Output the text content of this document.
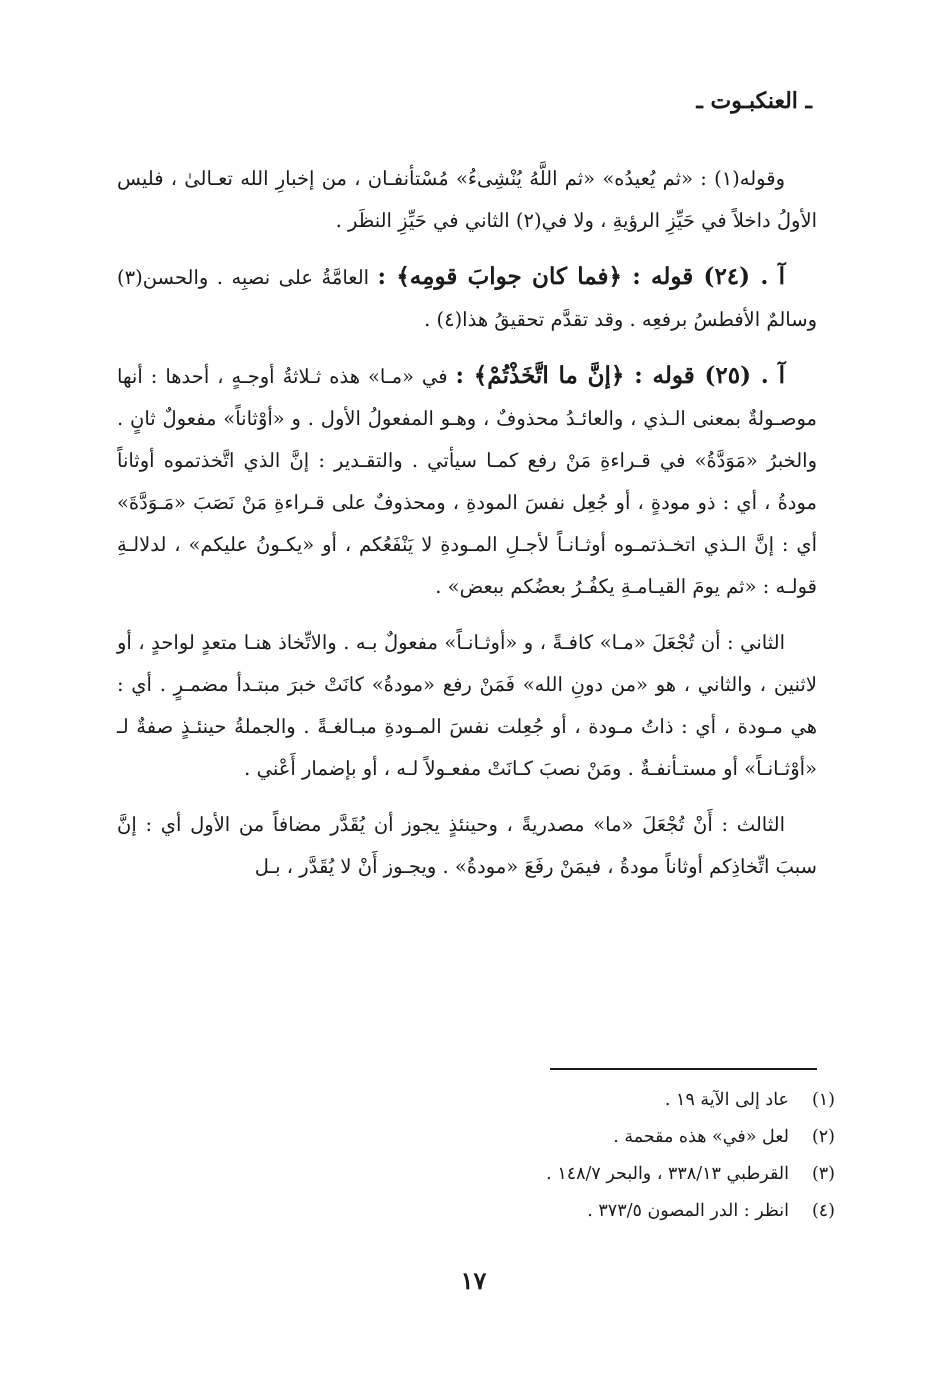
ـ العنكبـوت ـ

وقوله(١) : «ثم يُعيدُه» «ثم اللَّهُ يُنْشِىءُ» مُسْتأنفـان ، من إخبارِ الله تعـالىٰ ، فليس الأولُ داخلاً في حَيِّزِ الرؤيةِ ، ولا في(٢) الثاني في حَيِّزِ النظَر .

آ . (٢٤) قوله : ﴿فما كان جوابَ قومِه﴾ : العامَّةُ على نصبِه . والحسن(٣) وسالمٌ الأفطسُ برفعِه . وقد تقدَّم تحقيقُ هذا(٤) .

آ . (٢٥) قوله : ﴿إنَّ ما اتَّخَذْتُمْ﴾ : في «مـا» هذه ثـلاثةُ أوجـهٍ ، أحدها : أنها موصـولةٌ بمعنى الـذي ، والعائـدُ محذوفٌ ، وهـو المفعولُ الأول . و «أوْثاناً» مفعولٌ ثانٍ . والخبرُ «مَوَدَّةُ» في قـراءةِ مَنْ رفع كمـا سيأتي . والتقـدير : إنَّ الذي اتَّخذتموه أوثاناً مودةُ ، أي : ذو مودةٍ ، أو جُعِل نفسَ المودةِ ، ومحذوفٌ على قـراءةِ مَنْ نَصَبَ «مَـوَدَّةَ» أي : إنَّ الـذي اتخـذتمـوه أوثـانـاً لأجـلِ المـودةِ لا يَنْفَعُكم ، أو «يكـونُ عليكم» ، لدلالـةِ قولـه : «ثم يومَ القيـامـةِ يكفُـرُ بعضُكم ببعض» .

الثاني : أن تُجْعَلَ «مـا» كافـةً ، و «أوثـانـاً» مفعولٌ بـه . والاتِّخاذ هنـا متعدٍ لواحدٍ ، أو لاثنين ، والثاني ، هو «من دونِ الله» فَمَنْ رفع «مودةُ» كانَتْ خبرَ مبتـدأ مضمـرٍ . أي : هي مـودة ، أي : ذاتُ مـودة ، أو جُعِلت نفسَ المـودةِ مبـالغـةً . والجملةُ حينئـذٍ صفةٌ لـ «أوْثـانـاً» أو مستـأنفـةٌ . ومَنْ نصبَ كـانَتْ مفعـولاً لـه ، أو بإضمار أَعْني .

الثالث : أَنْ تُجْعَلَ «ما» مصدريةً ، وحينئذٍ يجوز أن يُقَدَّر مضافاً من الأول أي : إنَّ سببَ اتِّخاذِكم أوثاناً مودةُ ، فيمَنْ رفَعَ «مودةُ» . ويجـوز أَنْ لا يُقَدَّر ، بـل

(١)
عاد إلى الآية ١٩ .
(٢)
لعل «في» هذه مقحمة .
(٣)
القرطبي ٣٣٨/١٣ ، والبحر ١٤٨/٧ .
(٤)
انظر : الدر المصون ٣٧٣/٥ .
١٧
